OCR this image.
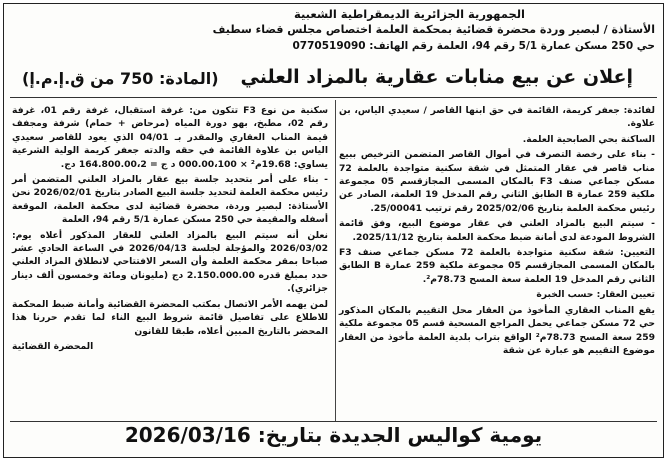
الجمهورية الجزائرية الديمقراطية الشعبية
الأستاذة / لبصير وردة محضرة قضائية بمحكمة العلمة اختصاص مجلس قضاء سطيف
حي 250 مسكن عمارة 5/1 رقم 94، العلمة رقم الهاتف: 0770519090
إعلان عن بيع منابات عقارية بالمزاد العلني
(المادة: 750 من ق.إ.م.إ)

لفائدة: جعفر كريمة، القائمة في حق ابنها القاصر / سعيدي الياس، بن علاوة.

الساكنة بحي الصابحية العلمة.

- بناء على رخصة التصرف في أموال القاصر المتضمن الترخيص ببيع مناب قاصر في عقار المتمثل في شقة سكنية متواجدة بالعلمة 72 مسكن جماعي صنف F3 بالمكان المسمى المجازقسم 05 مجموعة ملكية 259 عمارة B الطابق الثاني رقم المدخل 19 العلمة، الصادر عن رئيس محكمة العلمة بتاريخ 2025/02/06 رقم ترتيب 25/00041.

- سيتم البيع بالمزاد العلني في عقار موضوع البيع، وفق قائمة الشروط المودعة لدى أمانة ضبط محكمة العلمة بتاريخ 2025/11/12.

التعيين: شقة سكنية متواجدة بالعلمة 72 مسكن جماعي صنف F3 بالمكان المسمى المجازقسم 05 مجموعة ملكية 259 عمارة B الطابق الثاني رقم المدخل 19 العلمة سعة المسح 78.73م².

تعيين العقار: حسب الخبرة

يقع المناب العقاري المأخوذ من العقار محل التقييم بالمكان المذكور حي 72 مسكن جماعي يحمل المراجع المسحية قسم 05 مجموعة ملكية 259 سعة المسح 78.73م² الواقع بتراب بلدية العلمة مأخوذ من العقار موضوع التقييم هو عبارة عن شقة

سكنية من نوع F3 تتكون من: غرفة استقبال، غرفة رقم 01، غرفة رقم 02، مطبخ، بهو دورة المياه (مرحاض + حمام) شرفة ومجفف قيمة المناب العقاري والمقدر بـ 04/01 الذي يعود للقاصر سعيدي الياس بن علاوة القائمة في حقه والدته جعفر كريمة الولية الشرعية يساوي: 19.68م² × 000.00،100 د ج = 164.800.00،2 دج.

- بناء على أمر بتحديد جلسة بيع عقار بالمزاد العلني المتضمن أمر رئيس محكمة العلمة لتحديد جلسة البيع الصادر بتاريخ 2026/02/01 نحن الأستاذة: لبصير وردة، محضرة قضائية لدى محكمة العلمة، الموقعة أسفله والمقيمة حي 250 مسكن عمارة 5/1 رقم 94، العلمة

نعلن أنه سيتم البيع بالمزاد العلني للعقار المذكور أعلاه يوم: 2026/03/02 والمؤجلة لجلسة 2026/04/13 في الساعة الحادي عشر صباحا بمقر محكمة العلمة وأن السعر الافتتاحي لانطلاق المزاد العلني حدد بمبلغ قدره 2.150.000.00 دج (مليونان ومائة وخمسون ألف دينار جزائري).

لمن يهمه الأمر الاتصال بمكتب المحضرة القضائية وأمانة ضبط المحكمة للاطلاع على تفاصيل قائمة شروط البيع الناء لما تقدم حررنا هذا المحضر بالتاريخ المبين أعلاه، طبقا للقانون

المحضرة القضائية
يومية كواليس الجديدة بتاريخ: 2026/03/16
